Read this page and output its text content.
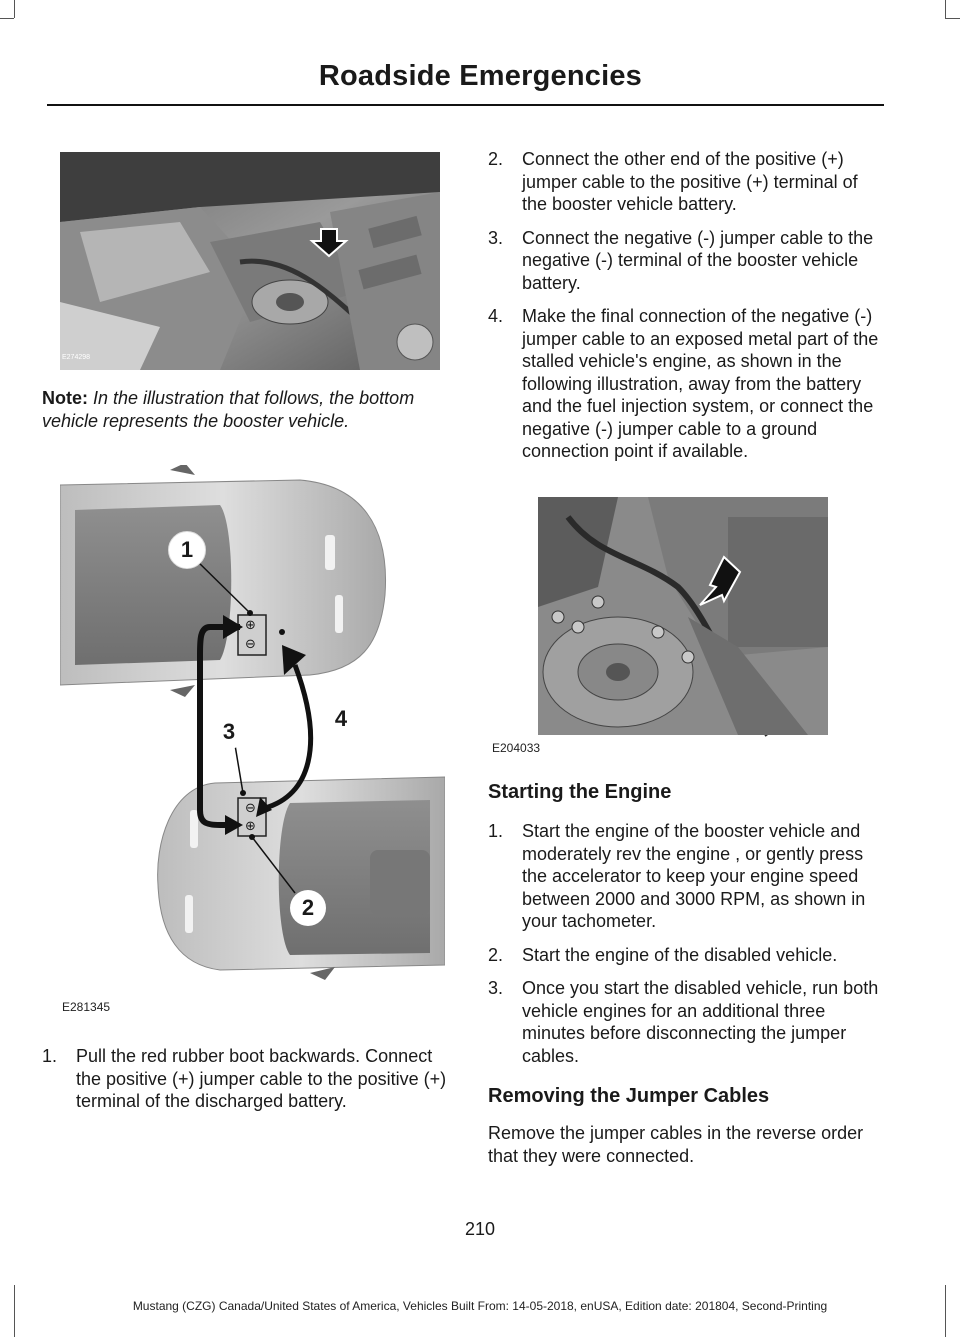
Roadside Emergencies
E274298
Note: In the illustration that follows, the bottom vehicle represents the booster vehicle.
⊕
⊖
⊖
⊕
1
3
4
2
E281345
1. Pull the red rubber boot backwards. Connect the positive (+) jumper cable to the positive (+) terminal of the discharged battery.
2. Connect the other end of the positive (+) jumper cable to the positive (+) terminal of the booster vehicle battery.
3. Connect the negative (-) jumper cable to the negative (-) terminal of the booster vehicle battery.
4. Make the final connection of the negative (-) jumper cable to an exposed metal part of the stalled vehicle's engine, as shown in the following illustration, away from the battery and the fuel injection system, or connect the negative (-) jumper cable to a ground connection point if available.
E204033
Starting the Engine
1. Start the engine of the booster vehicle and moderately rev the engine , or gently press the accelerator to keep your engine speed between 2000 and 3000 RPM, as shown in your tachometer.
2. Start the engine of the disabled vehicle.
3. Once you start the disabled vehicle, run both vehicle engines for an additional three minutes before disconnecting the jumper cables.
Removing the Jumper Cables
Remove the jumper cables in the reverse order that they were connected.
210
Mustang (CZG) Canada/United States of America, Vehicles Built From: 14-05-2018, enUSA, Edition date: 201804, Second-Printing
